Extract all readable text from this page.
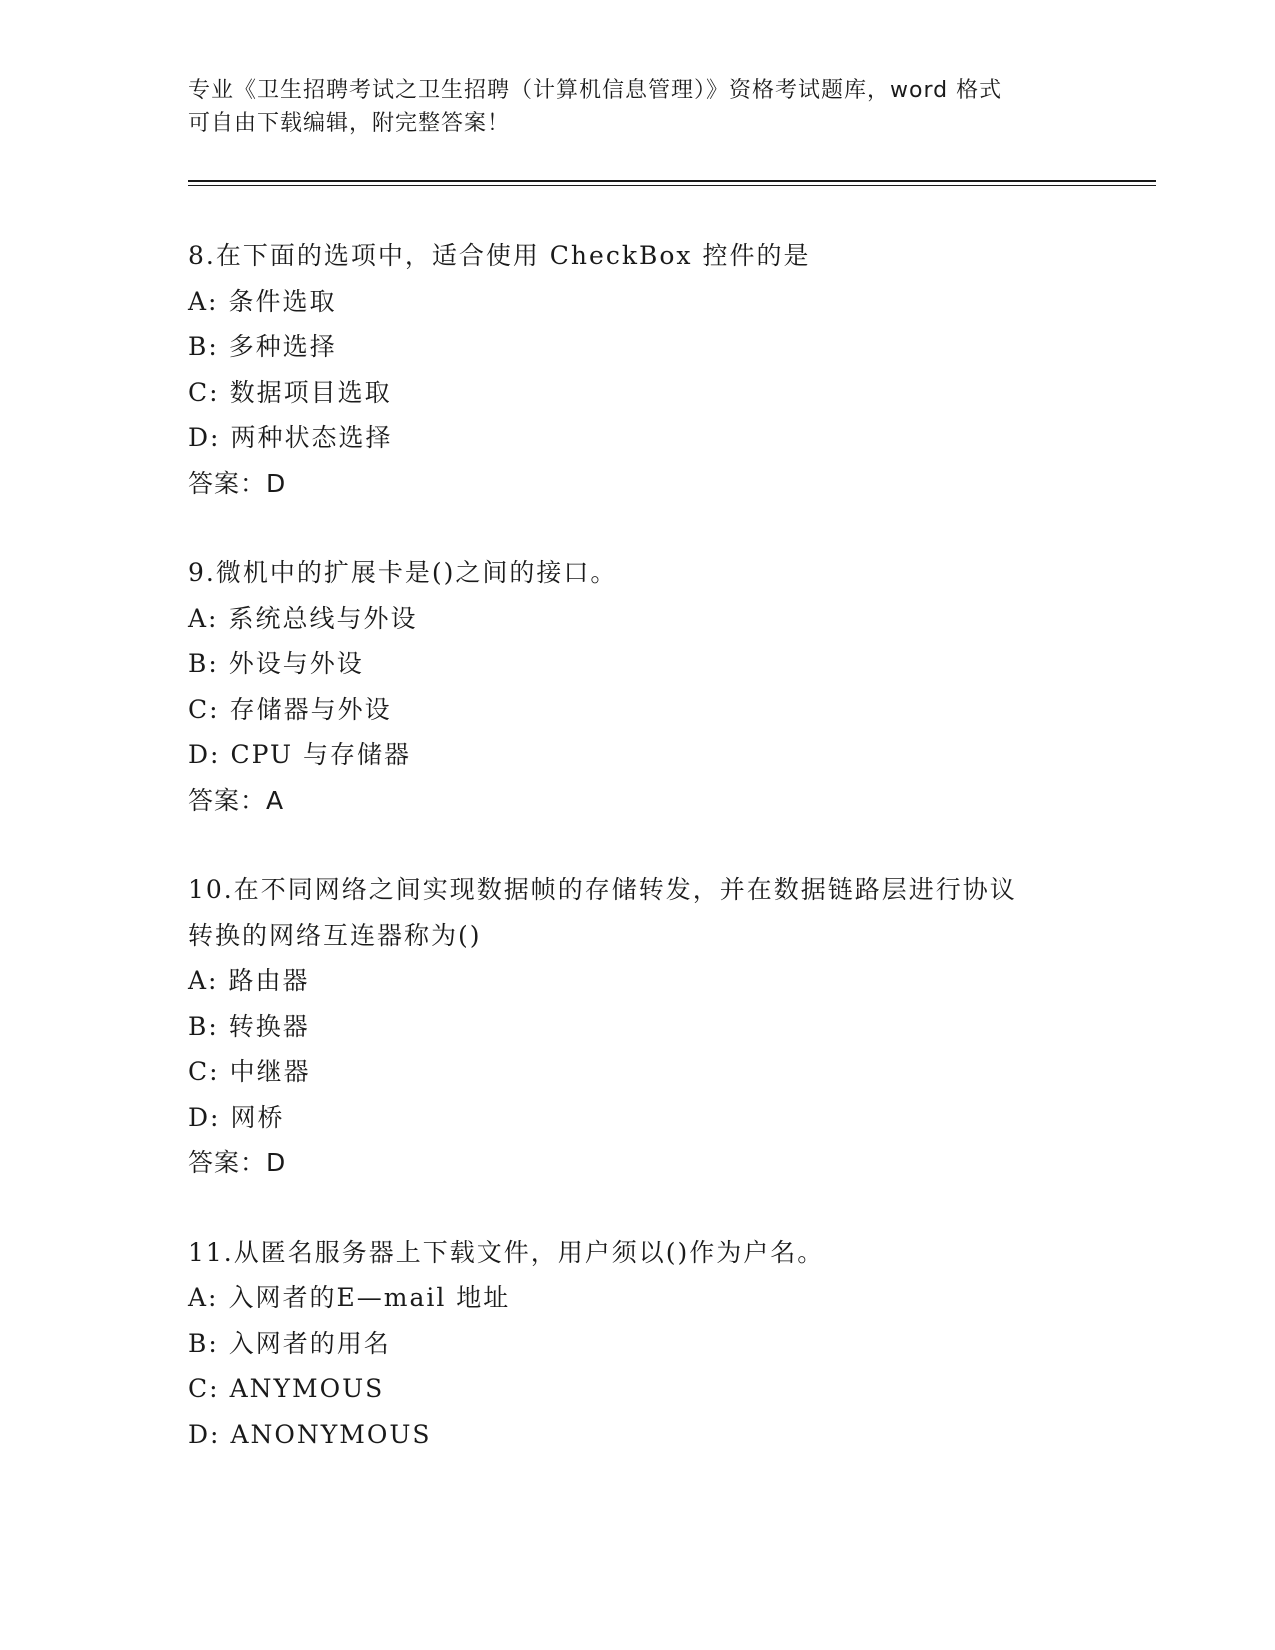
专业《卫生招聘考试之卫生招聘（计算机信息管理）》资格考试题库，word 格式
可自由下载编辑，附完整答案！
8.在下面的选项中，适合使用 CheckBox 控件的是
A: 条件选取
B: 多种选择
C: 数据项目选取
D: 两种状态选择
答案：D
9.微机中的扩展卡是()之间的接口。
A: 系统总线与外设
B: 外设与外设
C: 存储器与外设
D: CPU 与存储器
答案：A
10.在不同网络之间实现数据帧的存储转发，并在数据链路层进行协议
转换的网络互连器称为()
A: 路由器
B: 转换器
C: 中继器
D: 网桥
答案：D
11.从匿名服务器上下载文件，用户须以()作为户名。
A: 入网者的E—mail 地址
B: 入网者的用名
C: ANYMOUS
D: ANONYMOUS
